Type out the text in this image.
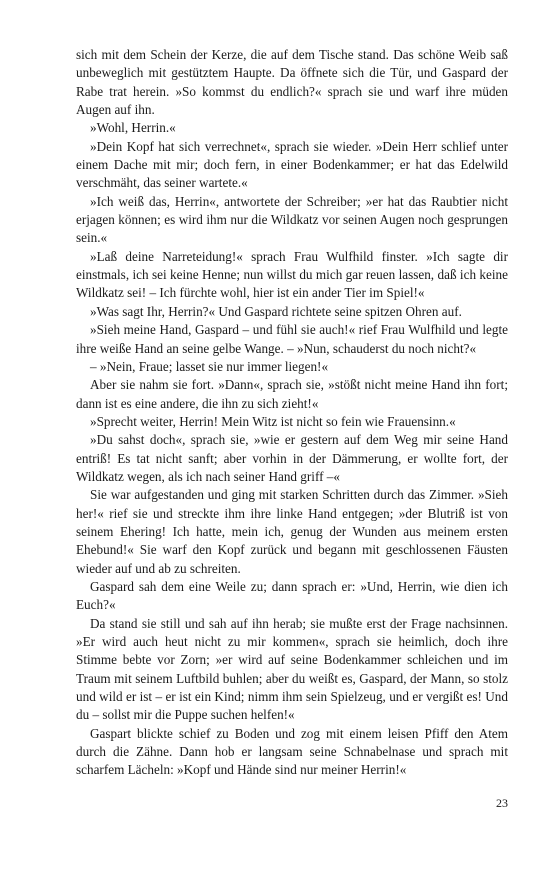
sich mit dem Schein der Kerze, die auf dem Tische stand. Das schöne Weib saß unbeweglich mit gestütztem Haupte. Da öffnete sich die Tür, und Gaspard der Rabe trat herein. »So kommst du endlich?« sprach sie und warf ihre müden Augen auf ihn.

»Wohl, Herrin.«

»Dein Kopf hat sich verrechnet«, sprach sie wieder. »Dein Herr schlief unter einem Dache mit mir; doch fern, in einer Bodenkammer; er hat das Edelwild verschmäht, das seiner wartete.«

»Ich weiß das, Herrin«, antwortete der Schreiber; »er hat das Raubtier nicht erjagen können; es wird ihm nur die Wildkatz vor seinen Augen noch gesprungen sein.«

»Laß deine Narreteidung!« sprach Frau Wulfhild finster. »Ich sagte dir einstmals, ich sei keine Henne; nun willst du mich gar reuen lassen, daß ich keine Wildkatz sei! – Ich fürchte wohl, hier ist ein ander Tier im Spiel!«

»Was sagt Ihr, Herrin?« Und Gaspard richtete seine spitzen Ohren auf.

»Sieh meine Hand, Gaspard – und fühl sie auch!« rief Frau Wulfhild und legte ihre weiße Hand an seine gelbe Wange. – »Nun, schauderst du noch nicht?«

– »Nein, Fraue; lasset sie nur immer liegen!«

Aber sie nahm sie fort. »Dann«, sprach sie, »stößt nicht meine Hand ihn fort; dann ist es eine andere, die ihn zu sich zieht!«

»Sprecht weiter, Herrin! Mein Witz ist nicht so fein wie Frauensinn.«

»Du sahst doch«, sprach sie, »wie er gestern auf dem Weg mir seine Hand entriß! Es tat nicht sanft; aber vorhin in der Dämmerung, er wollte fort, der Wildkatz wegen, als ich nach seiner Hand griff –«

Sie war aufgestanden und ging mit starken Schritten durch das Zimmer. »Sieh her!« rief sie und streckte ihm ihre linke Hand entgegen; »der Blutriß ist von seinem Ehering! Ich hatte, mein ich, genug der Wunden aus meinem ersten Ehebund!« Sie warf den Kopf zurück und begann mit geschlossenen Fäusten wieder auf und ab zu schreiten.

Gaspard sah dem eine Weile zu; dann sprach er: »Und, Herrin, wie dien ich Euch?«

Da stand sie still und sah auf ihn herab; sie mußte erst der Frage nachsinnen. »Er wird auch heut nicht zu mir kommen«, sprach sie heimlich, doch ihre Stimme bebte vor Zorn; »er wird auf seine Bodenkammer schleichen und im Traum mit seinem Luftbild buhlen; aber du weißt es, Gaspard, der Mann, so stolz und wild er ist – er ist ein Kind; nimm ihm sein Spielzeug, und er vergißt es! Und du – sollst mir die Puppe suchen helfen!«

Gaspart blickte schief zu Boden und zog mit einem leisen Pfiff den Atem durch die Zähne. Dann hob er langsam seine Schnabelnase und sprach mit scharfem Lächeln: »Kopf und Hände sind nur meiner Herrin!«

23
